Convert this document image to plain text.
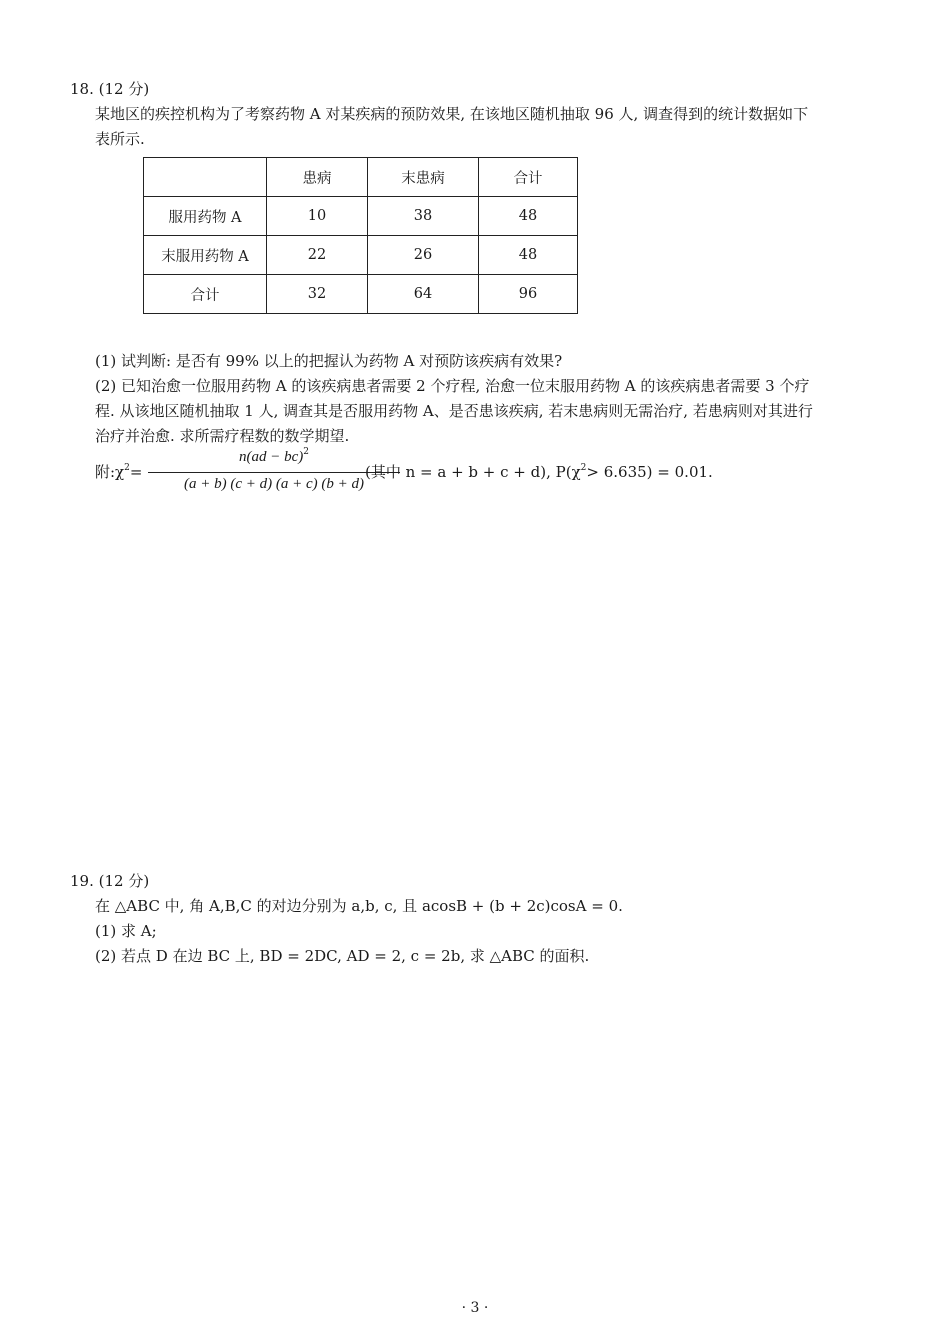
18. (12 分)
某地区的疾控机构为了考察药物 A 对某疾病的预防效果, 在该地区随机抽取 96 人, 调查得到的统计数据如下
表所示.
	患病	末患病	合计
服用药物 A	10	38	48
末服用药物 A	22	26	48
合计	32	64	96
(1) 试判断: 是否有 99% 以上的把握认为药物 A 对预防该疾病有效果?
(2) 已知治愈一位服用药物 A 的该疾病患者需要 2 个疗程, 治愈一位末服用药物 A 的该疾病患者需要 3 个疗
程. 从该地区随机抽取 1 人, 调查其是否服用药物 A、是否患该疾病, 若末患病则无需治疗, 若患病则对其进行
治疗并治愈. 求所需疗程数的数学期望.
附$:\chi^2=$
n(ad − bc)$^2$
(a + b) (c + d) (a + c) (b + d)
(其中 n = a + b + c + d), $P(\chi^2> 6.635) = 0.01$.
19. (12 分)
在 △ABC 中, 角 A,B,C 的对边分别为 a,b, c, 且 acosB + (b + 2c)cosA = 0.
(1) 求 A;
(2) 若点 D 在边 BC 上, BD = 2DC, AD = 2, c = 2b, 求 △ABC 的面积.
· 3 ·
